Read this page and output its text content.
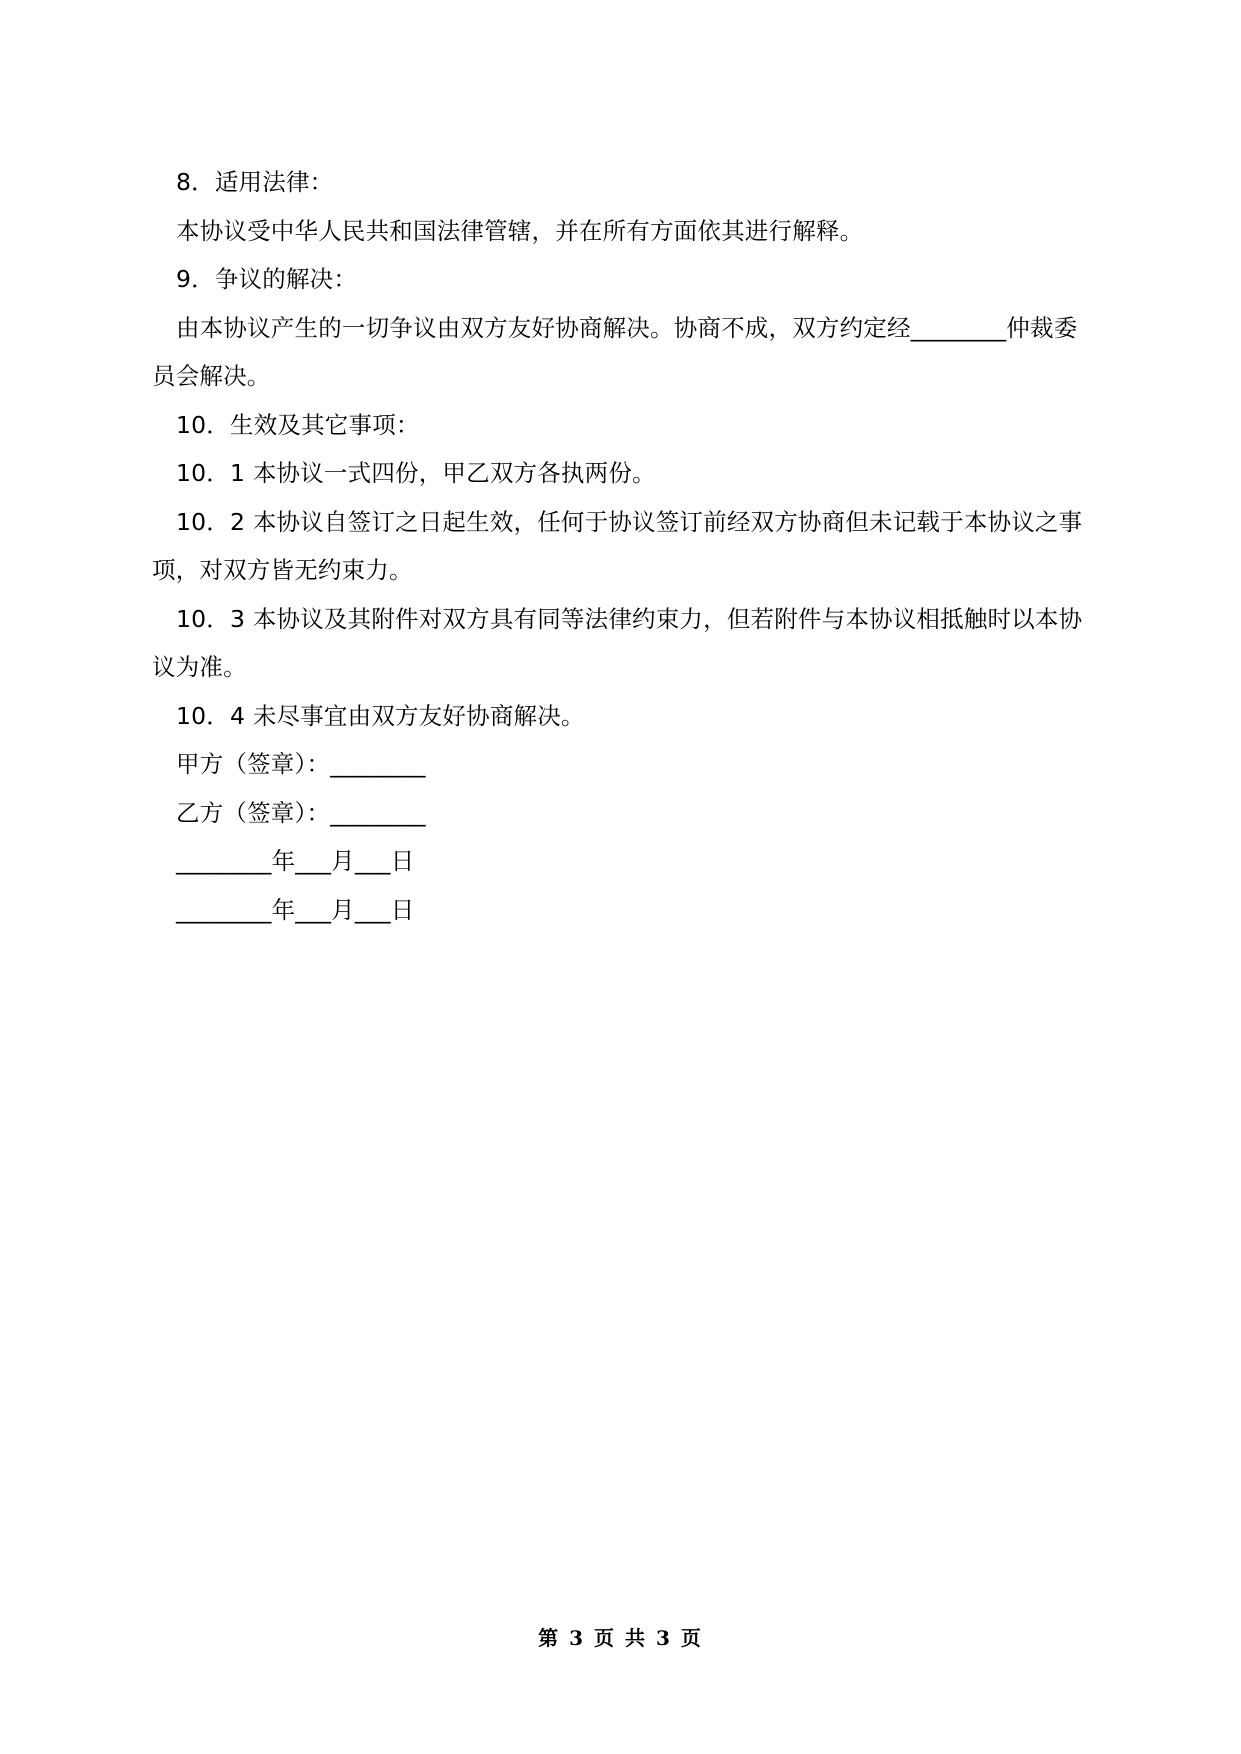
8．适用法律：

本协议受中华人民共和国法律管辖，并在所有方面依其进行解释。

9．争议的解决：

由本协议产生的一切争议由双方友好协商解决。协商不成，双方约定经________仲裁委员会解决。

10．生效及其它事项：

10．1 本协议一式四份，甲乙双方各执两份。

10．2 本协议自签订之日起生效，任何于协议签订前经双方协商但未记载于本协议之事项，对双方皆无约束力。

10．3 本协议及其附件对双方具有同等法律约束力，但若附件与本协议相抵触时以本协议为准。

10．4 未尽事宜由双方友好协商解决。

甲方（签章）：________

乙方（签章）：________

________年___月___日

________年___月___日

第 3 页 共 3 页
